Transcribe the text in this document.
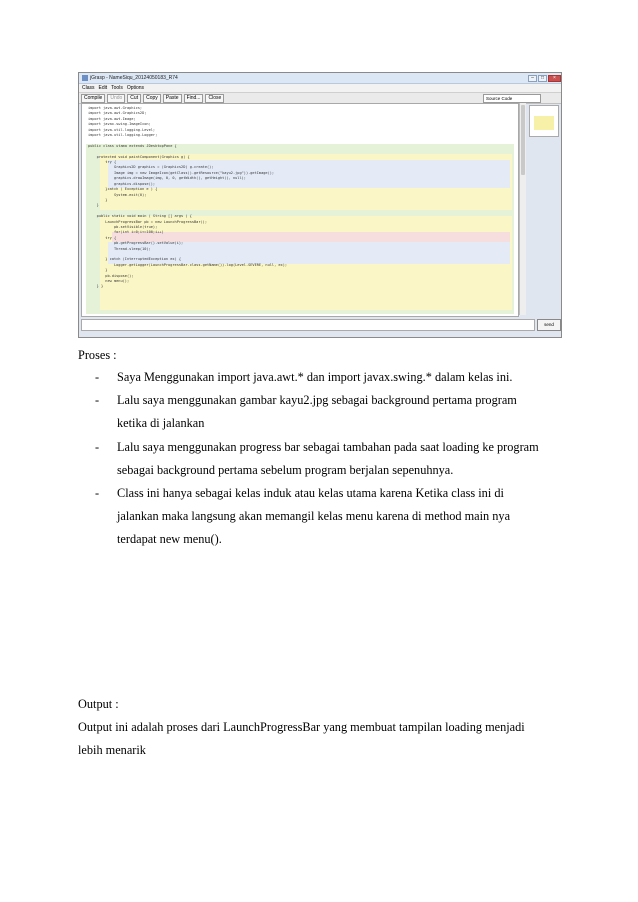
jGrasp - NameSiqu_20124050183_R74	–	□	×
Class Edit Tools Options
Compile	Undo	Cut	Copy	Paste	Find...	Close	Source Code
import java.awt.Graphics;
import java.awt.Graphics2D;
import java.awt.Image;
import javax.swing.ImageIcon;
import java.util.logging.Level;
import java.util.logging.Logger;

public class utama extends JDesktopPane {

protected void paintComponent(Graphics g) {
try {
Graphics2D graphics = (Graphics2D) g.create();
Image img = new ImageIcon(getClass().getResource("kayu2.jpg")).getImage();
graphics.drawImage(img, 0, 0, getWidth(), getHeight(), null);
graphics.dispose();
}catch ( Exception e ) {
System.exit(0);
}
}

public static void main ( String [] args ) {
LaunchProgressBar pb = new LaunchProgressBar();
pb.setVisible(true);
for(int i=0;i<=100;i++)
try {
pb.getProgressBar().setValue(i);
Thread.sleep(10);

} catch (InterruptedException ex) {
Logger.getLogger(LaunchProgressBar.class.getName()).log(Level.SEVERE, null, ex);
}
pb.dispose();
new menu();
} }
send
Proses :
- Saya Menggunakan import java.awt.* dan import javax.swing.* dalam kelas ini.
- Lalu saya menggunakan gambar kayu2.jpg sebagai background pertama program
ketika di jalankan
- Lalu saya menggunakan progress bar sebagai tambahan pada saat loading ke program
sebagai background pertama sebelum program berjalan sepenuhnya.
- Class ini hanya sebagai kelas induk atau kelas utama karena Ketika class ini di
jalankan maka langsung akan memangil kelas menu karena di method main nya
terdapat new menu().
Output :
Output ini adalah proses dari LaunchProgressBar yang membuat tampilan loading menjadi
lebih menarik
